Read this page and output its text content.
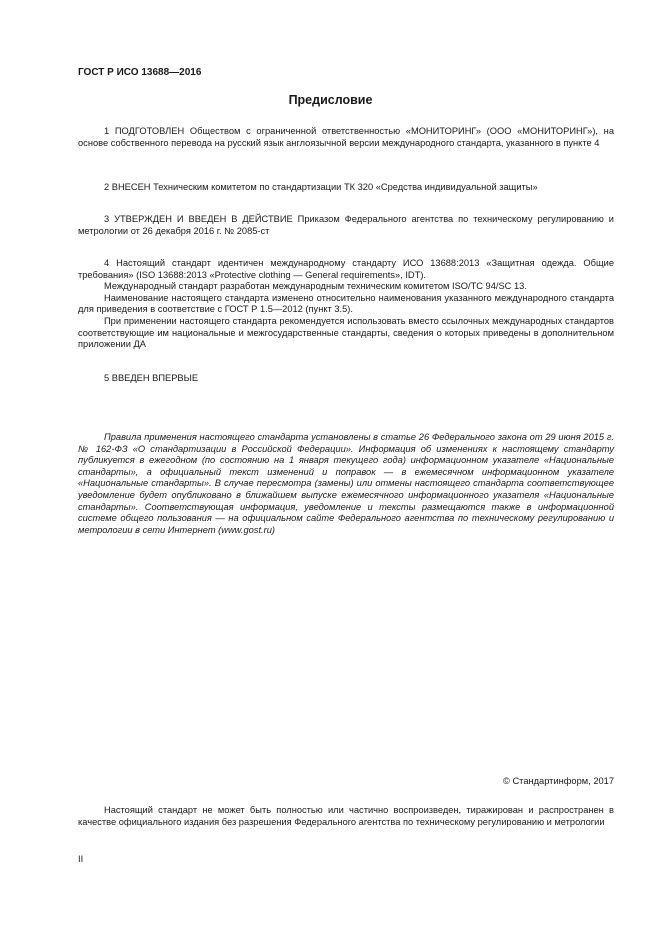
ГОСТ Р ИСО 13688—2016
Предисловие

1 ПОДГОТОВЛЕН Обществом с ограниченной ответственностью «МОНИТОРИНГ» (ООО «МОНИТОРИНГ»), на основе собственного перевода на русский язык англоязычной версии международного стандарта, указанного в пункте 4

2 ВНЕСЕН Техническим комитетом по стандартизации ТК 320 «Средства индивидуальной защиты»

3 УТВЕРЖДЕН И ВВЕДЕН В ДЕЙСТВИЕ Приказом Федерального агентства по техническому регулированию и метрологии от 26 декабря 2016 г. № 2085-ст

4 Настоящий стандарт идентичен международному стандарту ИСО 13688:2013 «Защитная одежда. Общие требования» (ISO 13688:2013 «Protective clothing — General requirements», IDT).

Международный стандарт разработан международным техническим комитетом ISO/TC 94/SC 13.

Наименование настоящего стандарта изменено относительно наименования указанного международного стандарта для приведения в соответствие с ГОСТ Р 1.5—2012 (пункт 3.5).

При применении настоящего стандарта рекомендуется использовать вместо ссылочных международных стандартов соответствующие им национальные и межгосударственные стандарты, сведения о которых приведены в дополнительном приложении ДА

5 ВВЕДЕН ВПЕРВЫЕ

Правила применения настоящего стандарта установлены в статье 26 Федерального закона от 29 июня 2015 г. № 162-ФЗ «О стандартизации в Российской Федерации». Информация об изменениях к настоящему стандарту публикуется в ежегодном (по состоянию на 1 января текущего года) информационном указателе «Национальные стандарты», а официальный текст изменений и поправок — в ежемесячном информационном указателе «Национальные стандарты». В случае пересмотра (замены) или отмены настоящего стандарта соответствующее уведомление будет опубликовано в ближайшем выпуске ежемесячного информационного указателя «Национальные стандарты». Соответствующая информация, уведомление и тексты размещаются также в информационной системе общего пользования — на официальном сайте Федерального агентства по техническому регулированию и метрологии в сети Интернет (www.gost.ru)

© Стандартинформ, 2017

Настоящий стандарт не может быть полностью или частично воспроизведен, тиражирован и распространен в качестве официального издания без разрешения Федерального агентства по техническому регулированию и метрологии

II
